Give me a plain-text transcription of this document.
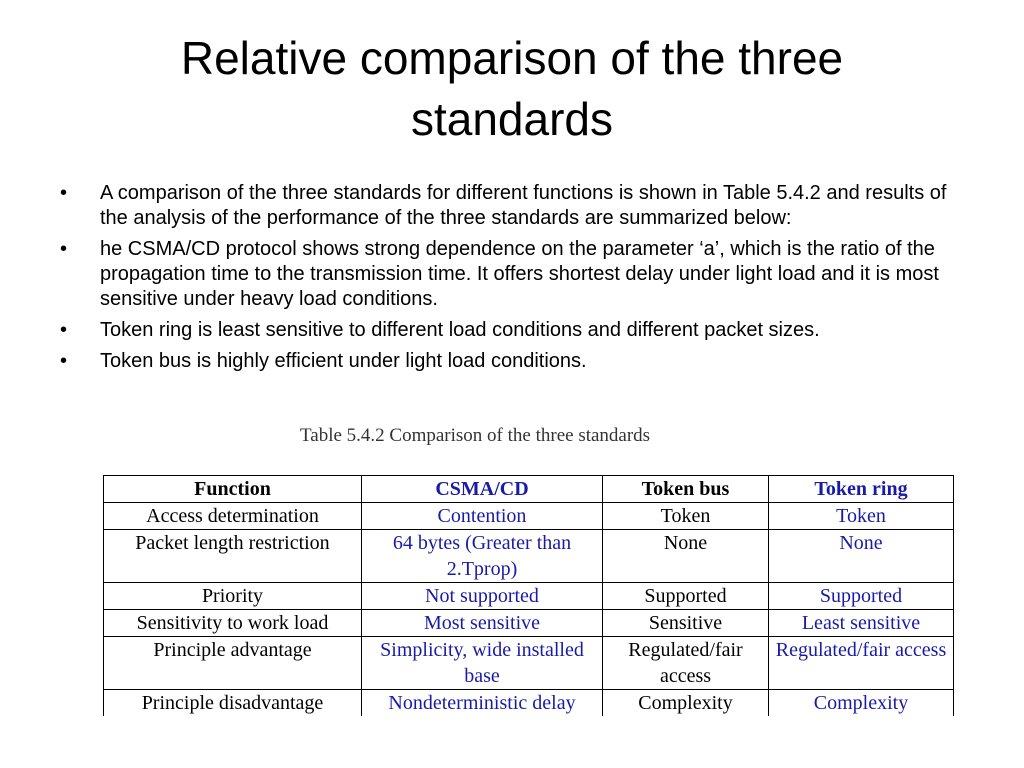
Relative comparison of the three standards
•	A comparison of the three standards for different functions is shown in Table 5.4.2 and results of the analysis of the performance of the three standards are summarized below:
•	he CSMA/CD protocol shows strong dependence on the parameter ‘a’, which is the ratio of the propagation time to the transmission time. It offers shortest delay under light load and it is most sensitive under heavy load conditions.
•	Token ring is least sensitive to different load conditions and different packet sizes.
•	Token bus is highly efficient under light load conditions.
Table 5.4.2 Comparison of the three standards
Function	CSMA/CD	Token bus	Token ring
Access determination	Contention	Token	Token
Packet length restriction	64 bytes (Greater than 2.Tprop)	None	None
Priority	Not supported	Supported	Supported
Sensitivity to work load	Most sensitive	Sensitive	Least sensitive
Principle advantage	Simplicity, wide installed base	Regulated/fair access	Regulated/fair access
Principle disadvantage	Nondeterministic delay	Complexity	Complexity
